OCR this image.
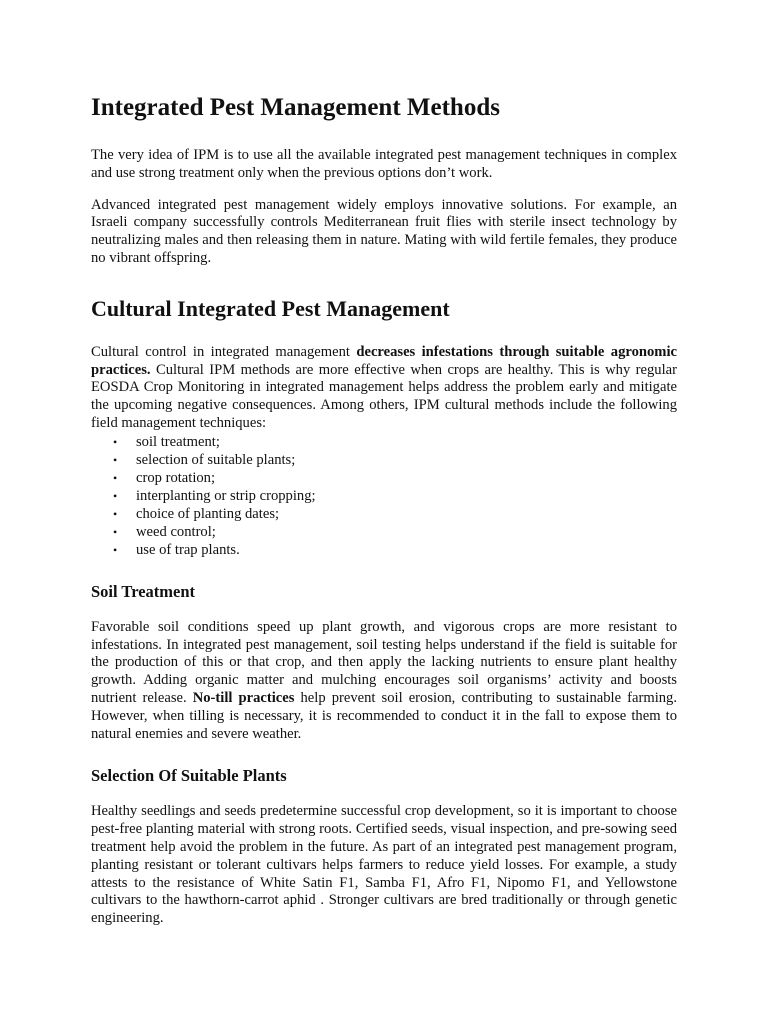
Integrated Pest Management Methods

The very idea of IPM is to use all the available integrated pest management techniques in complex and use strong treatment only when the previous options don’t work.

Advanced integrated pest management widely employs innovative solutions. For example, an Israeli company successfully controls Mediterranean fruit flies with sterile insect technology by neutralizing males and then releasing them in nature. Mating with wild fertile females, they produce no vibrant offspring.

Cultural Integrated Pest Management

Cultural control in integrated management decreases infestations through suitable agronomic practices. Cultural IPM methods are more effective when crops are healthy. This is why regular EOSDA Crop Monitoring in integrated management helps address the problem early and mitigate the upcoming negative consequences. Among others, IPM cultural methods include the following field management techniques:

• soil treatment;
• selection of suitable plants;
• crop rotation;
• interplanting or strip cropping;
• choice of planting dates;
• weed control;
• use of trap plants.
Soil Treatment

Favorable soil conditions speed up plant growth, and vigorous crops are more resistant to infestations. In integrated pest management, soil testing helps understand if the field is suitable for the production of this or that crop, and then apply the lacking nutrients to ensure plant healthy growth. Adding organic matter and mulching encourages soil organisms’ activity and boosts nutrient release. No-till practices help prevent soil erosion, contributing to sustainable farming. However, when tilling is necessary, it is recommended to conduct it in the fall to expose them to natural enemies and severe weather.

Selection Of Suitable Plants

Healthy seedlings and seeds predetermine successful crop development, so it is important to choose pest-free planting material with strong roots. Certified seeds, visual inspection, and pre-sowing seed treatment help avoid the problem in the future. As part of an integrated pest management program, planting resistant or tolerant cultivars helps farmers to reduce yield losses. For example, a study attests to the resistance of White Satin F1, Samba F1, Afro F1, Nipomo F1, and Yellowstone cultivars to the hawthorn-carrot aphid . Stronger cultivars are bred traditionally or through genetic engineering.
